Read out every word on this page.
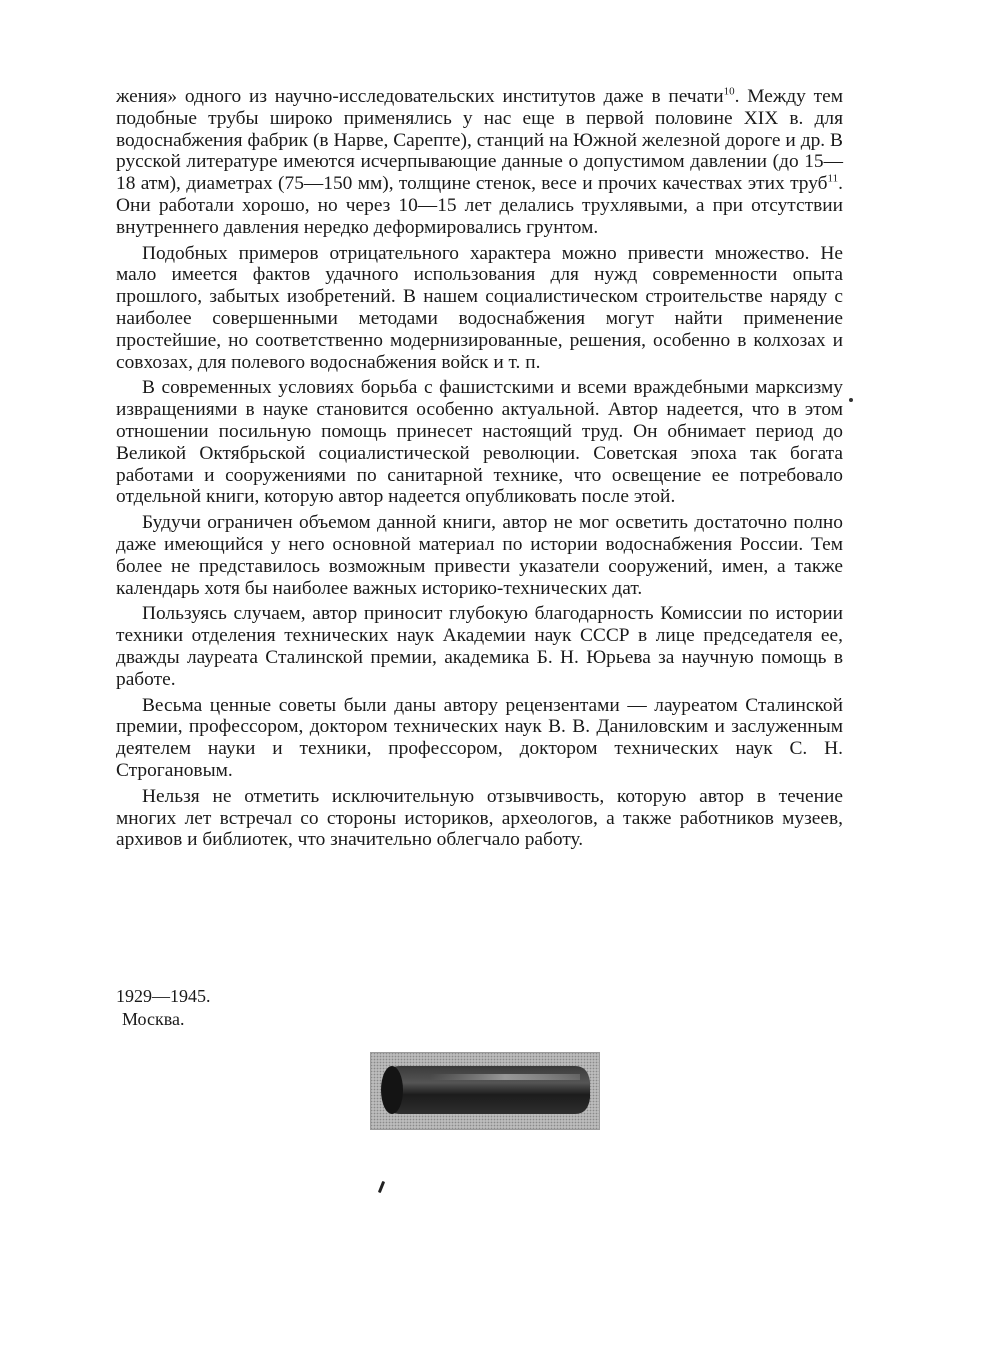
жения» одного из научно-исследовательских институтов даже в печати$^{10}$. Между тем подобные трубы широко применялись у нас еще в первой половине XIX в. для водоснабжения фабрик (в Нарве, Сарепте), станций на Южной железной дороге и др. В русской литературе имеются исчерпывающие данные о допустимом давлении (до 15—18 атм), диаметрах (75—150 мм), толщине стенок, весе и прочих качествах этих труб$^{11}$. Они работали хорошо, но через 10—15 лет делались трухлявыми, а при отсутствии внутреннего давления нередко деформировались грунтом.

Подобных примеров отрицательного характера можно привести множество. Не мало имеется фактов удачного использования для нужд современности опыта прошлого, забытых изобретений. В нашем социалистическом строительстве наряду с наиболее совершенными методами водоснабжения могут найти применение простейшие, но соответственно модернизированные, решения, особенно в колхозах и совхозах, для полевого водоснабжения войск и т. п.

В современных условиях борьба с фашистскими и всеми враждебными марксизму извращениями в науке становится особенно актуальной. Автор надеется, что в этом отношении посильную помощь принесет настоящий труд. Он обнимает период до Великой Октябрьской социалистической революции. Советская эпоха так богата работами и сооружениями по санитарной технике, что освещение ее потребовало отдельной книги, которую автор надеется опубликовать после этой.

Будучи ограничен объемом данной книги, автор не мог осветить достаточно полно даже имеющийся у него основной материал по истории водоснабжения России. Тем более не представилось возможным привести указатели сооружений, имен, а также календарь хотя бы наиболее важных историко-технических дат.

Пользуясь случаем, автор приносит глубокую благодарность Комиссии по истории техники отделения технических наук Академии наук СССР в лице председателя ее, дважды лауреата Сталинской премии, академика Б. Н. Юрьева за научную помощь в работе.

Весьма ценные советы были даны автору рецензентами — лауреатом Сталинской премии, профессором, доктором технических наук В. В. Даниловским и заслуженным деятелем науки и техники, профессором, доктором технических наук С. Н. Строгановым.

Нельзя не отметить исключительную отзывчивость, которую автор в течение многих лет встречал со стороны историков, археологов, а также работников музеев, архивов и библиотек, что значительно облегчало работу.

1929—1945.
Москва.
